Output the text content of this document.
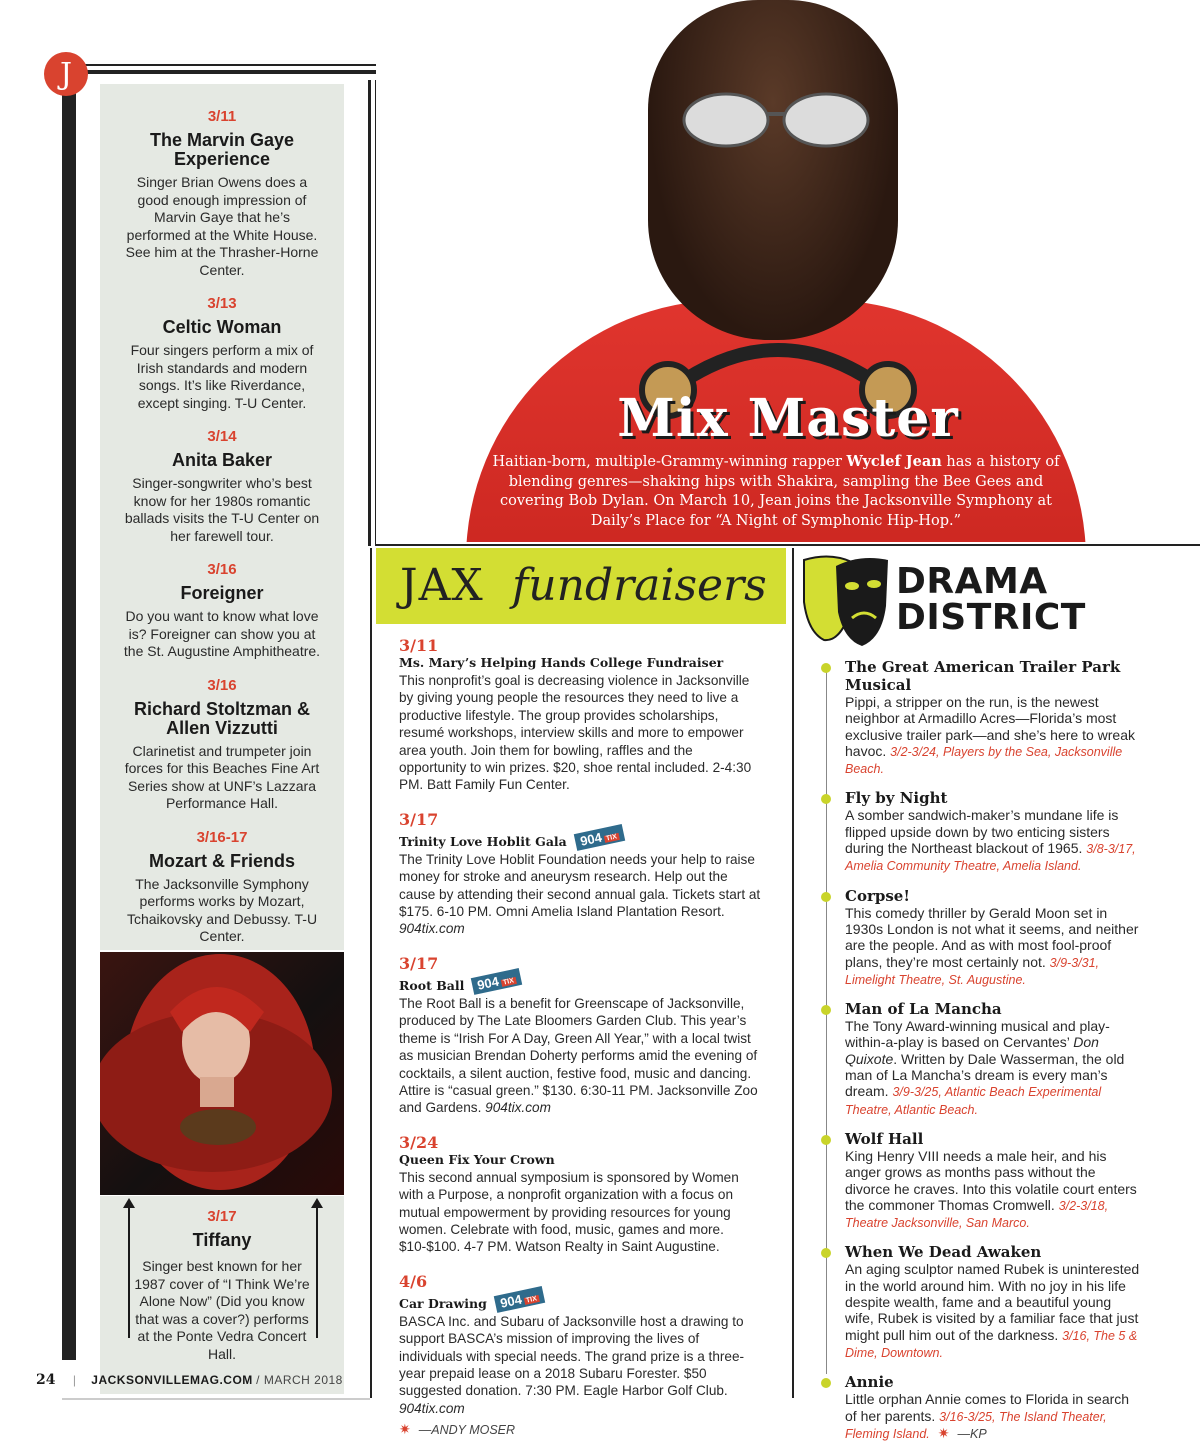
J
3/11
The Marvin Gaye Experience
Singer Brian Owens does a good enough impression of Marvin Gaye that he’s performed at the White House. See him at the Thrasher-Horne Center.
3/13
Celtic Woman
Four singers perform a mix of Irish standards and modern songs. It’s like Riverdance, except singing. T-U Center.
3/14
Anita Baker
Singer-songwriter who’s best know for her 1980s romantic ballads visits the T-U Center on her farewell tour.
3/16
Foreigner
Do you want to know what love is? Foreigner can show you at the St. Augustine Amphitheatre.
3/16
Richard Stoltzman & Allen Vizzutti
Clarinetist and trumpeter join forces for this Beaches Fine Art Series show at UNF’s Lazzara Performance Hall.
3/16-17
Mozart & Friends
The Jacksonville Symphony performs works by Mozart, Tchaikovsky and Debussy. T-U Center.
3/17
Tiffany
Singer best known for her 1987 cover of “I Think We’re Alone Now” (Did you know that was a cover?) performs at the Ponte Vedra Concert Hall.
Mix Master
Haitian-born, multiple-Grammy-winning rapper Wyclef Jean has a history of blending genres—shaking hips with Shakira, sampling the Bee Gees and covering Bob Dylan. On March 10, Jean joins the Jacksonville Symphony at Daily’s Place for “A Night of Symphonic Hip-Hop.”
JAX fundraisers
3/11
Ms. Mary’s Helping Hands College Fundraiser
This nonprofit’s goal is decreasing violence in Jacksonville by giving young people the resources they need to live a productive lifestyle. The group provides scholarships, resumé workshops, interview skills and more to empower area youth. Join them for bowling, raffles and the opportunity to win prizes. $20, shoe rental included. 2-4:30 PM. Batt Family Fun Center.
3/17
Trinity Love Hoblit Gala 904 TIX
The Trinity Love Hoblit Foundation needs your help to raise money for stroke and aneurysm research. Help out the cause by attending their second annual gala. Tickets start at $175. 6-10 PM. Omni Amelia Island Plantation Resort. 904tix.com
3/17
Root Ball 904 TIX
The Root Ball is a benefit for Greenscape of Jacksonville, produced by The Late Bloomers Garden Club. This year’s theme is “Irish For A Day, Green All Year,” with a local twist as musician Brendan Doherty performs amid the evening of cocktails, a silent auction, festive food, music and dancing. Attire is “casual green.” $130. 6:30-11 PM. Jacksonville Zoo and Gardens. 904tix.com
3/24
Queen Fix Your Crown
This second annual symposium is sponsored by Women with a Purpose, a nonprofit organization with a focus on mutual empowerment by providing resources for young women. Celebrate with food, music, games and more. $10-$100. 4-7 PM. Watson Realty in Saint Augustine.
4/6
Car Drawing 904 TIX
BASCA Inc. and Subaru of Jacksonville host a drawing to support BASCA’s mission of improving the lives of individuals with special needs. The grand prize is a three-year prepaid lease on a 2018 Subaru Forester. $50 suggested donation. 7:30 PM. Eagle Harbor Golf Club. 904tix.com
✷ —ANDY MOSER
DRAMA
DISTRICT
The Great American Trailer Park Musical
Pippi, a stripper on the run, is the newest neighbor at Armadillo Acres—Florida’s most exclusive trailer park—and she’s here to wreak havoc. 3/2-3/24, Players by the Sea, Jacksonville Beach.
Fly by Night
A somber sandwich-maker’s mundane life is flipped upside down by two enticing sisters during the Northeast blackout of 1965. 3/8-3/17, Amelia Community Theatre, Amelia Island.
Corpse!
This comedy thriller by Gerald Moon set in 1930s London is not what it seems, and neither are the people. And as with most fool-proof plans, they’re most certainly not. 3/9-3/31, Limelight Theatre, St. Augustine.
Man of La Mancha
The Tony Award-winning musical and play-within-a-play is based on Cervantes’ Don Quixote. Written by Dale Wasserman, the old man of La Mancha’s dream is every man’s dream. 3/9-3/25, Atlantic Beach Experimental Theatre, Atlantic Beach.
Wolf Hall
King Henry VIII needs a male heir, and his anger grows as months pass without the divorce he craves. Into this volatile court enters the commoner Thomas Cromwell. 3/2-3/18, Theatre Jacksonville, San Marco.
When We Dead Awaken
An aging sculptor named Rubek is uninterested in the world around him. With no joy in his life despite wealth, fame and a beautiful young wife, Rubek is visited by a familiar face that just might pull him out of the darkness. 3/16, The 5 & Dime, Downtown.
Annie
Little orphan Annie comes to Florida in search of her parents. 3/16-3/25, The Island Theater, Fleming Island. ✷ —KP
24 | JACKSONVILLEMAG.COM / MARCH 2018
